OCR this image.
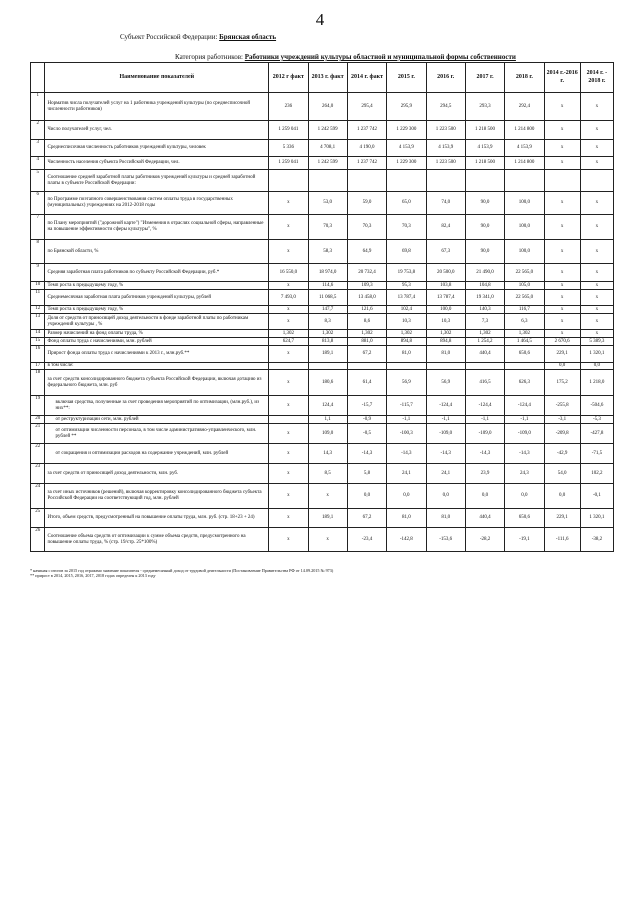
4
Субъект Российской Федерации: Брянская область
Категория работников: Работники учреждений культуры областной и муниципальной формы собственности
	Наименование показателей	2012 г факт	2013 г. факт	2014 г. факт	2015 г.	2016 г.	2017 г.	2018 г.	2014 г.-2016 г.	2014 г. - 2018 г.
1	Норматив числа получателей услуг на 1 работника учреждений культуры (по среднесписочной численности работников)	236	264,0	295,4	295,9	294,5	293,3	292,4	x	x
2	Число получателей услуг, чел.	1 259 041	1 242 599	1 237 742	1 229 300	1 223 500	1 218 500	1 214 800	x	x
3	Среднесписочная численность работников учреждений культуры, человек	5 336	4 708,1	4 190,0	4 153,9	4 153,9	4 153,9	4 153,9	x	x
4	Численность населения субъекта Российской Федерации, чел.	1 259 041	1 242 599	1 237 742	1 229 300	1 223 500	1 218 500	1 214 800	x	x
5	Соотношение средней заработной платы работников учреждений культуры и средней заработной платы в субъекте Российской Федерации:									
6	по Программе поэтапного совершенствования систем оплаты труда в государственных (муниципальных) учреждениях на 2012-2018 годы	x	53,0	59,0	65,0	74,0	90,0	100,0	x	x
7	по Плану мероприятий ("дорожной карте") "Изменения в отраслях социальной сферы, направленные на повышение эффективности сферы культуры", %	x	70,3	70,3	70,3	82,4	90,0	100,0	x	x
8	по Брянской области, %	x	58,3	64,9	69,8	67,3	90,0	100,0	x	x
9	Средняя заработная плата работников по субъекту Российской Федерации, руб.*	16 550,0	18 974,0	20 732,4	19 753,8	20 500,0	21 490,0	22 565,0	x	x
10	Темп роста к предыдущему году, %	x	114,6	109,3	95,3	103,8	104,8	105,0	x	x
11	Среднемесячная заработная плата работников учреждений культуры, рублей	7 493,0	11 068,5	13 458,0	13 787,4	13 787,4	19 341,0	22 565,0	x	x
12	Темп роста к предыдущему году, %	x	147,7	121,6	102,4	100,0	140,3	116,7	x	x
13	Доля от средств от приносящей доход деятельности в фонде заработной платы по работникам учреждений культуры , %	x	8,3	8,6	10,3	10,3	7,3	6,3	x	x
14	Размер начислений на фонд оплаты труда, %	1,302	1,302	1,302	1,302	1,302	1,302	1,302	x	x
15	Фонд оплаты труда с начислениями, млн. рублей	624,7	813,8	881,0	894,8	894,8	1 254,2	1 464,5	2 670,6	5 389,3
16	Прирост фонда оплаты труда с начислениями к 2013 г., млн.руб.**	x	189,1	67,2	81,0	81,0	440,4	650,6	229,1	1 320,1
17	в том числе:								0,0	0,0
18	за счет средств консолидированного бюджета субъекта Российской Федерации, включая дотацию из федерального бюджета, млн. руб	x	180,6	61,4	56,9	56,9	416,5	626,3	175,2	1 218,0
19	включая средства, полученные за счет проведения мероприятий по оптимизации, (млн.руб.), из них**:	x	124,4	-15,7	-115,7	-124,4	-124,4	-124,4	-255,8	-504,6
20	от реструктуризации сети, млн. рублей		1,1	-0,9	-1,1	-1,1	-1,1	-1,1	-3,1	-5,3
21	от оптимизации численности персонала, в том числе административно-управленческого, млн. рублей **	x	109,0	-0,5	-100,3	-109,0	-109,0	-109,0	-209,8	-427,8
22	от сокращения и оптимизации расходов на содержание учреждений, млн. рублей	x	14,3	-14,3	-14,3	-14,3	-14,3	-14,3	-42,9	-71,5
23	за счет средств от приносящей доход деятельности, млн. руб.	x	8,5	5,8	24,1	24,1	23,9	24,3	54,0	102,2
24	за счет иных источников (решений), включая корректировку консолидированного бюджета субъекта Российской Федерации на соответствующий год, млн. рублей	x	x	0,0	0,0	0,0	0,0	0,0	0,0	-0,1
25	Итого, объем средств, предусмотренный на повышение оплаты труда, млн. руб. (стр. 18+23 + 24)	x	189,1	67,2	81,0	81,0	440,4	650,6	229,1	1 320,1
26	Соотношение объема средств от оптимизации к сумме объема средств, предусмотренного на повышение оплаты труда, % (стр. 19/стр. 25*100%)	x	x	-23,4	-142,8	-153,6	-28,2	-19,1	-111,6	-38,2
* начиная с итогов за 2015 год отражено значение показателя - среднемесячный доход от трудовой деятельности (Постановление Правительства РФ от 14.09.2015 № 973)
** прирост в 2014, 2015, 2016, 2017, 2018 годах определен к 2013 году
